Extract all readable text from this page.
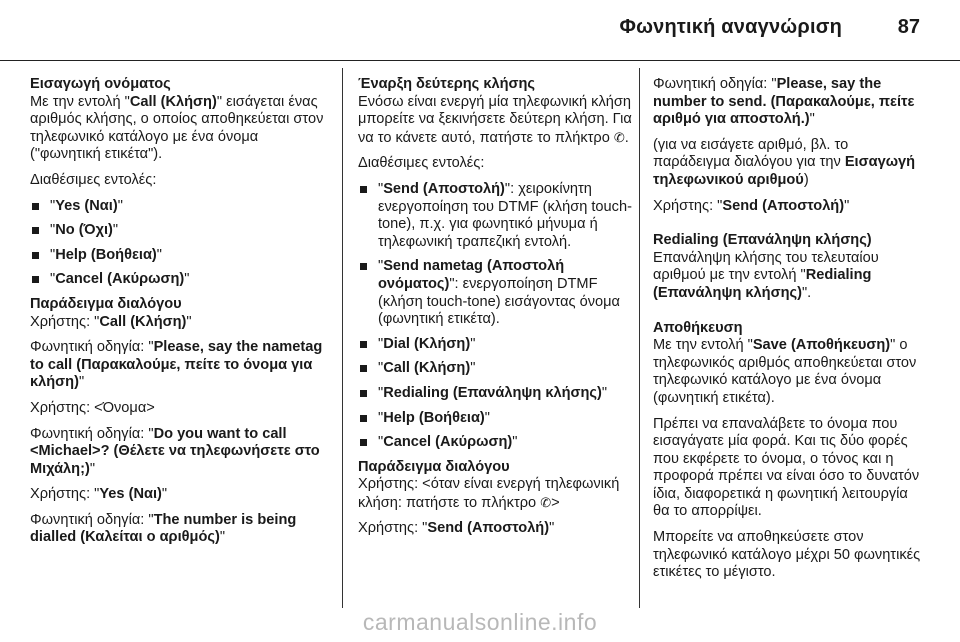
Φωνητική αναγνώριση	87
Εισαγωγή ονόματος

Με την εντολή "Call (Κλήση)" εισάγεται ένας αριθμός κλήσης, ο οποίος αποθηκεύεται στον τηλεφωνικό κατάλογο με ένα όνομα ("φωνητική ετικέτα").

Διαθέσιμες εντολές:

"Yes (Ναι)"
"No (Όχι)"
"Help (Βοήθεια)"
"Cancel (Ακύρωση)"
Παράδειγμα διαλόγου

Χρήστης: "Call (Κλήση)"

Φωνητική οδηγία: "Please, say the nametag to call (Παρακαλούμε, πείτε το όνομα για κλήση)"

Χρήστης: <Όνομα>

Φωνητική οδηγία: "Do you want to call <Michael>? (Θέλετε να τηλεφωνήσετε στο Μιχάλη;)"

Χρήστης: "Yes (Ναι)"

Φωνητική οδηγία: "The number is being dialled (Καλείται ο αριθμός)"

Έναρξη δεύτερης κλήσης

Ενόσω είναι ενεργή μία τηλεφωνική κλήση μπορείτε να ξεκινήσετε δεύτερη κλήση. Για να το κάνετε αυτό, πατήστε το πλήκτρο ✆.

Διαθέσιμες εντολές:

"Send (Αποστολή)": χειροκίνητη ενεργοποίηση του DTMF (κλήση touch-tone), π.χ. για φωνητικό μήνυμα ή τηλεφωνική τραπεζική εντολή.
"Send nametag (Αποστολή ονόματος)": ενεργοποίηση DTMF (κλήση touch-tone) εισάγοντας όνομα (φωνητική ετικέτα).
"Dial (Κλήση)"
"Call (Κλήση)"
"Redialing (Επανάληψη κλήσης)"
"Help (Βοήθεια)"
"Cancel (Ακύρωση)"
Παράδειγμα διαλόγου

Χρήστης: <όταν είναι ενεργή τηλεφωνική κλήση: πατήστε το πλήκτρο ✆>

Χρήστης: "Send (Αποστολή)"

Φωνητική οδηγία: "Please, say the number to send. (Παρακαλούμε, πείτε αριθμό για αποστολή.)"

(για να εισάγετε αριθμό, βλ. το παράδειγμα διαλόγου για την Εισαγωγή τηλεφωνικού αριθμού)

Χρήστης: "Send (Αποστολή)"

Redialing (Επανάληψη κλήσης)

Επανάληψη κλήσης του τελευταίου αριθμού με την εντολή "Redialing (Επανάληψη κλήσης)".

Αποθήκευση

Με την εντολή "Save (Αποθήκευση)" ο τηλεφωνικός αριθμός αποθηκεύεται στον τηλεφωνικό κατάλογο με ένα όνομα (φωνητική ετικέτα).

Πρέπει να επαναλάβετε το όνομα που εισαγάγατε μία φορά. Και τις δύο φορές που εκφέρετε το όνομα, ο τόνος και η προφορά πρέπει να είναι όσο το δυνατόν ίδια, διαφορετικά η φωνητική λειτουργία θα το απορρίψει.

Μπορείτε να αποθηκεύσετε στον τηλεφωνικό κατάλογο μέχρι 50 φωνητικές ετικέτες το μέγιστο.

carmanualsonline.info
